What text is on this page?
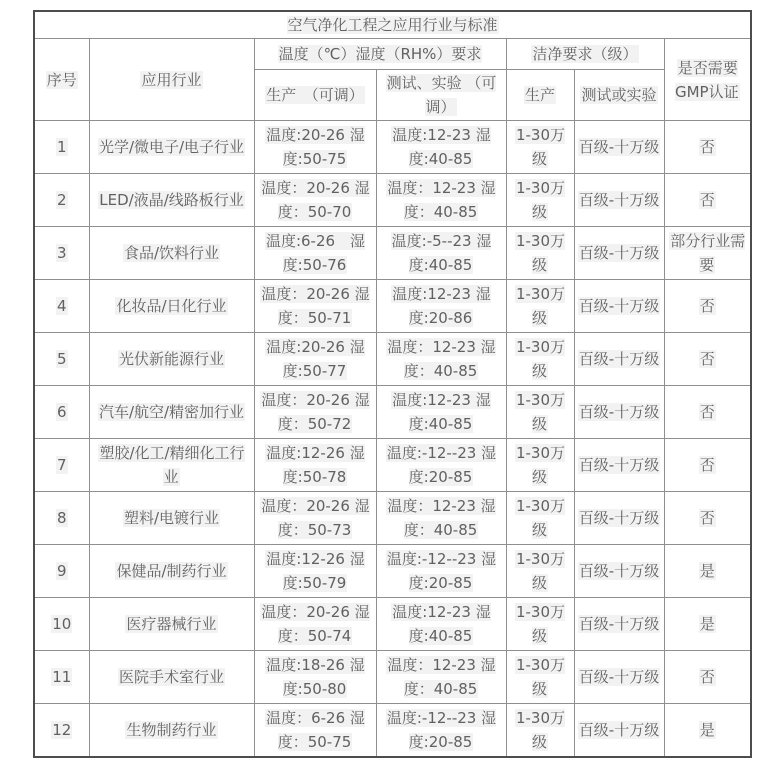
空气净化工程之应用行业与标准						
序号	应用行业	温度（℃）湿度（RH%）要求		洁净要求（级）		是否需要GMP认证
		生产　（可调）	测试、实验 （可调）	生产	测试或实验	
1	光学/微电子/电子行业	温度:20-26 湿度:50-75	温度:12-23 湿度:40-85	1-30万级	百级-十万级	否
2	LED/液晶/线路板行业	温度：20-26 湿度：50-70	温度：12-23 湿度：40-85	1-30万级	百级-十万级	否
3	食品/饮料行业	温度:6-26　湿度:50-76	温度:-5--23 湿度:40-85	1-30万级	百级-十万级	部分行业需要
4	化妆品/日化行业	温度：20-26 湿度：50-71	温度:12-23 湿度:20-86	1-30万级	百级-十万级	否
5	光伏新能源行业	温度:20-26 湿度:50-77	温度：12-23 湿度：40-85	1-30万级	百级-十万级	否
6	汽车/航空/精密加行业	温度：20-26 湿度：50-72	温度:12-23 湿度:40-85	1-30万级	百级-十万级	否
7	塑胶/化工/精细化工行业	温度:12-26 湿度:50-78	温度:-12--23 湿度:20-85	1-30万级	百级-十万级	否
8	塑料/电镀行业	温度：20-26 湿度：50-73	温度：12-23 湿度：40-85	1-30万级	百级-十万级	否
9	保健品/制药行业	温度:12-26 湿度:50-79	温度:-12--23 湿度:20-85	1-30万级	百级-十万级	是
10	医疗器械行业	温度：20-26 湿度：50-74	温度:12-23 湿度:40-85	1-30万级	百级-十万级	是
11	医院手术室行业	温度:18-26 湿度:50-80	温度：12-23 湿度：40-85	1-30万级	百级-十万级	否
12	生物制药行业	温度：6-26 湿度：50-75	温度:-12--23 湿度:20-85	1-30万级	百级-十万级	是
